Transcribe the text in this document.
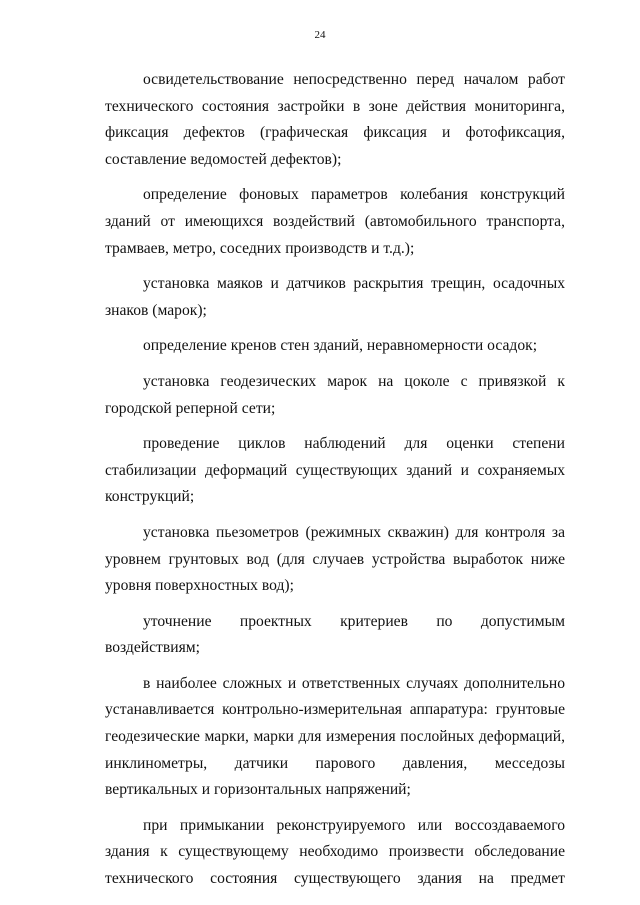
24

освидетельствование непосредственно перед началом работ технического состояния застройки в зоне действия мониторинга, фиксация дефектов (графическая фиксация и фотофиксация, составление ведомостей дефектов);

определение фоновых параметров колебания конструкций зданий от имеющихся воздействий (автомобильного транспорта, трамваев, метро, соседних производств и т.д.);

установка маяков и датчиков раскрытия трещин, осадочных знаков (марок);

определение кренов стен зданий, неравномерности осадок;

установка геодезических марок на цоколе с привязкой к городской реперной сети;

проведение циклов наблюдений для оценки степени стабилизации деформаций существующих зданий и сохраняемых конструкций;

установка пьезометров (режимных скважин) для контроля за уровнем грунтовых вод (для случаев устройства выработок ниже уровня поверхностных вод);

уточнение проектных критериев по допустимым воздействиям;

в наиболее сложных и ответственных случаях дополнительно устанавливается контрольно-измерительная аппаратура: грунтовые геодезические марки, марки для измерения послойных деформаций, инклинометры, датчики парового давления, месседозы вертикальных и горизонтальных напряжений;

при примыкании реконструируемого или воссоздаваемого здания к существующему необходимо произвести обследование технического состояния существующего здания на предмет
